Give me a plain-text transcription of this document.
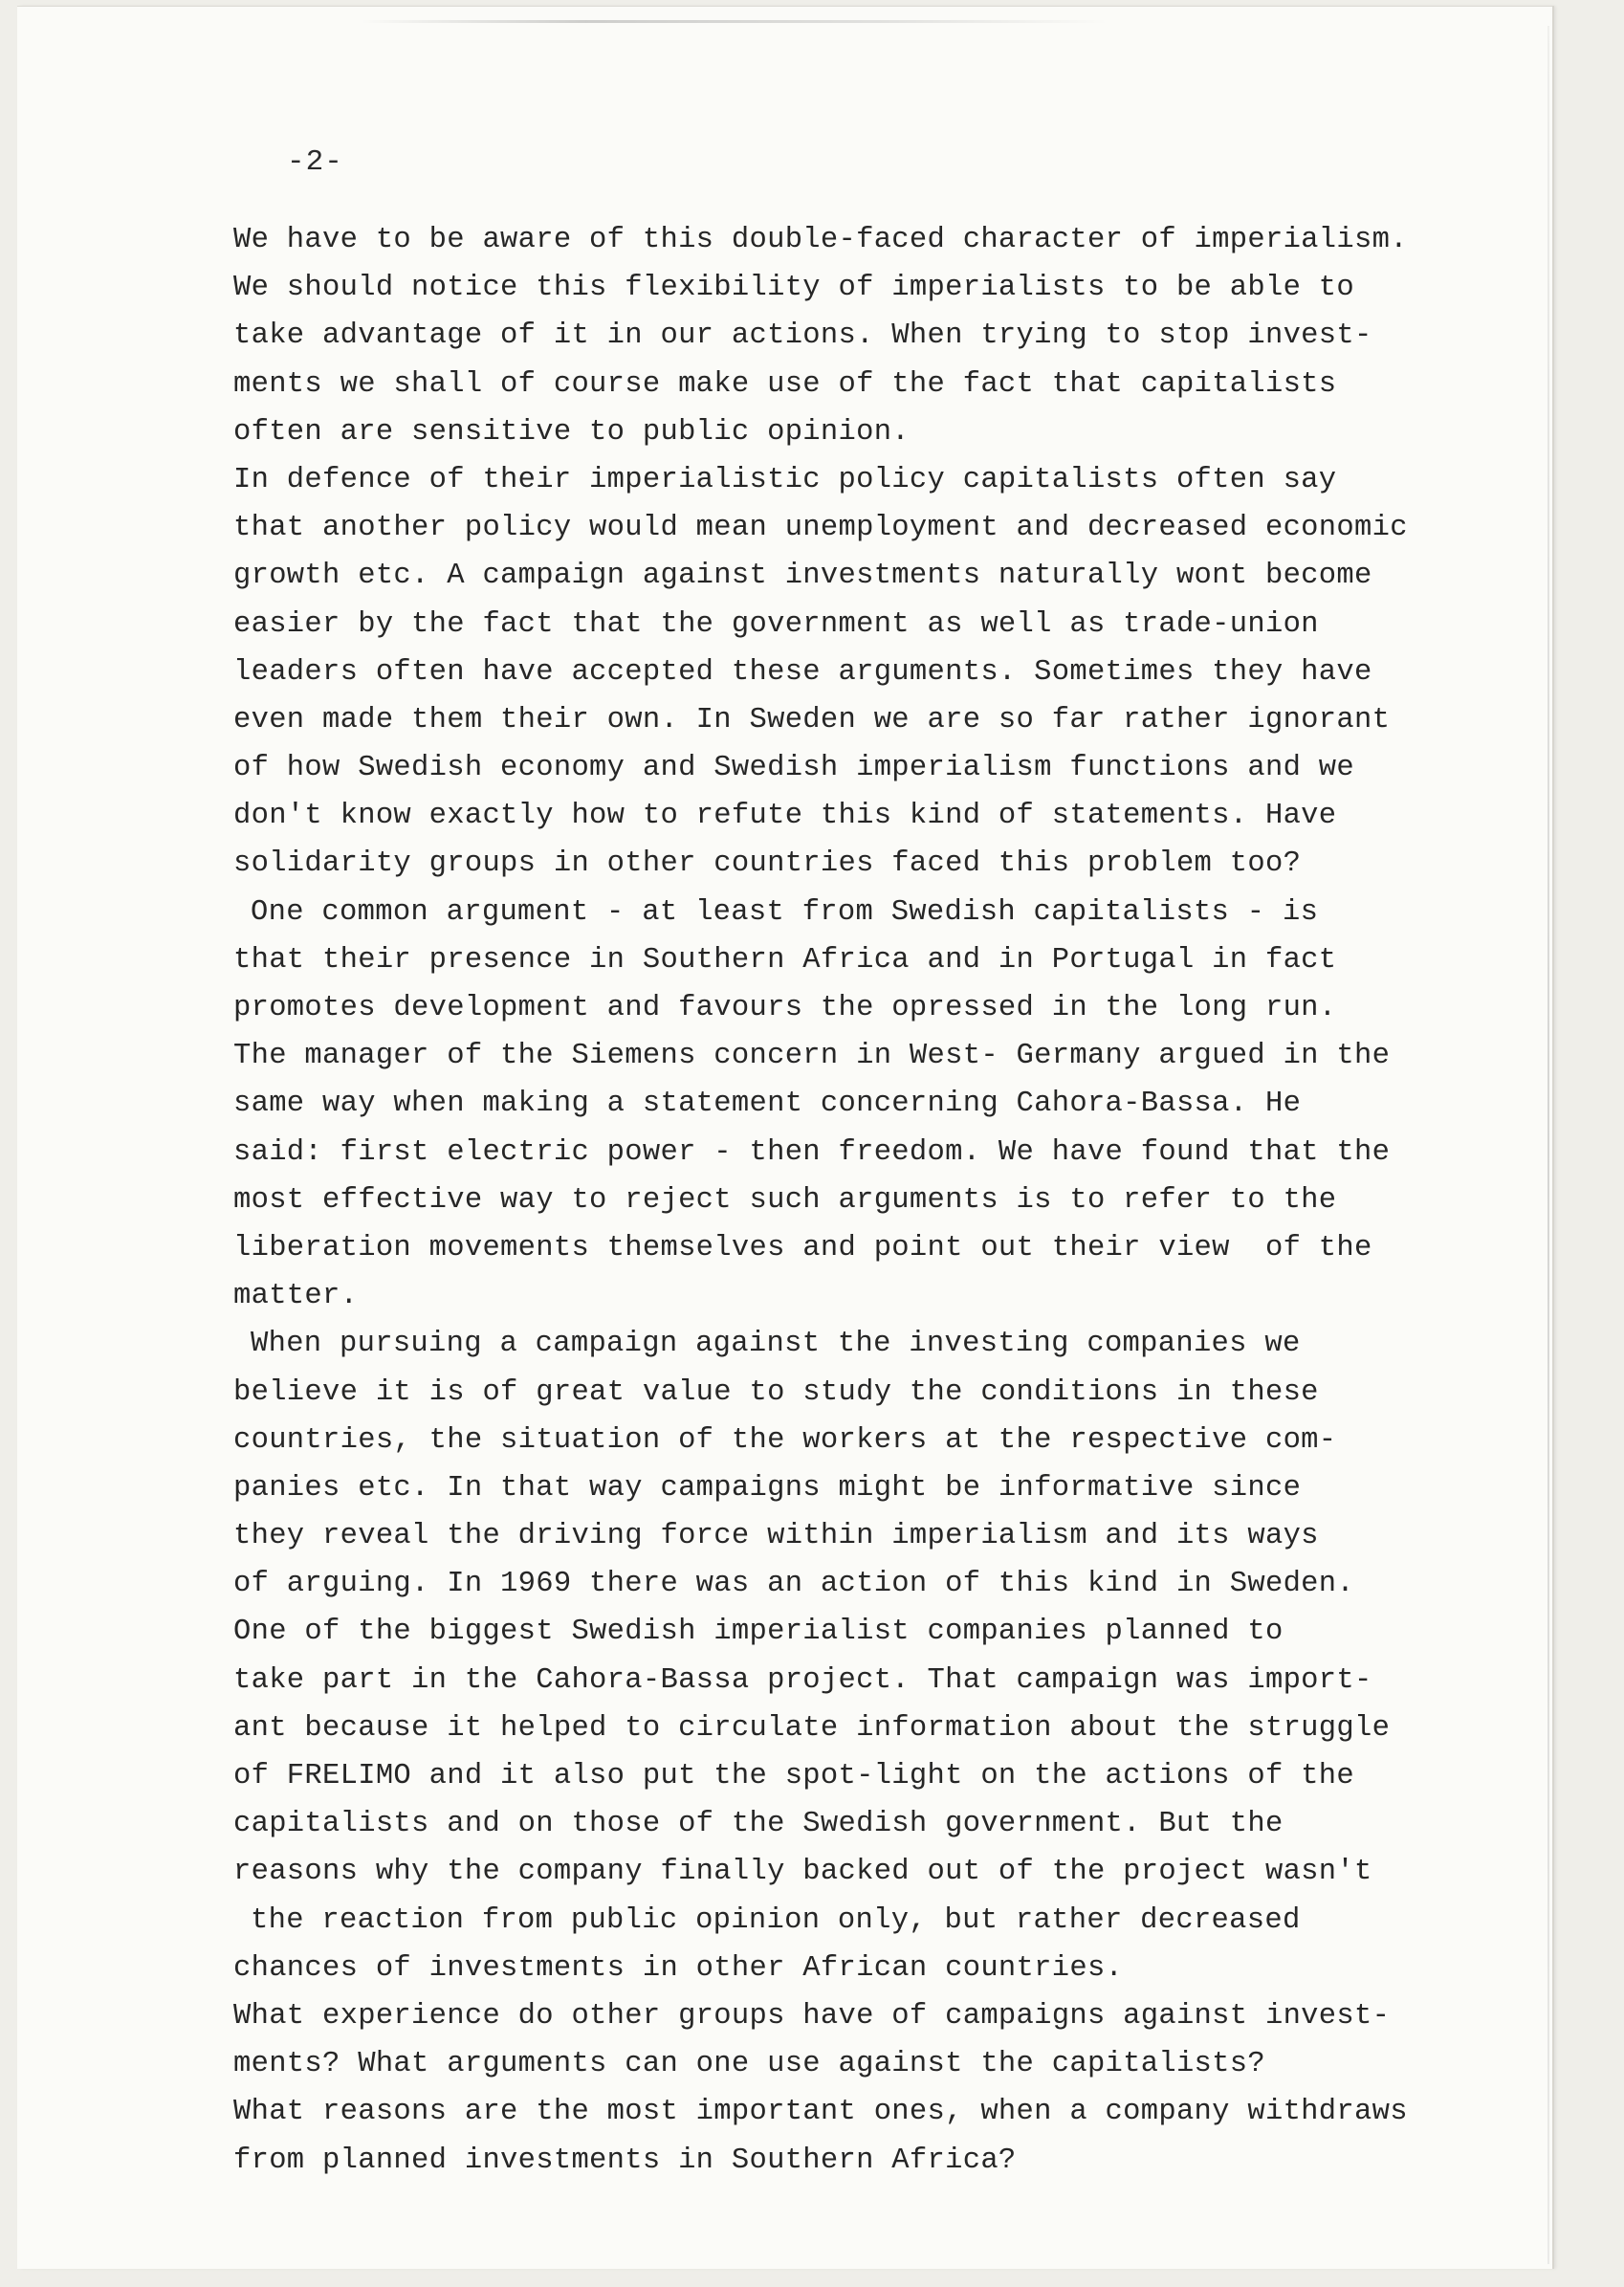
-2-
We have to be aware of this double-faced character of imperialism.
We should notice this flexibility of imperialists to be able to
take advantage of it in our actions. When trying to stop invest-
ments we shall of course make use of the fact that capitalists
often are sensitive to public opinion.
In defence of their imperialistic policy capitalists often say
that another policy would mean unemployment and decreased economic
growth etc. A campaign against investments naturally wont become
easier by the fact that the government as well as trade-union
leaders often have accepted these arguments. Sometimes they have
even made them their own. In Sweden we are so far rather ignorant
of how Swedish economy and Swedish imperialism functions and we
don't know exactly how to refute this kind of statements. Have
solidarity groups in other countries faced this problem too?
One common argument - at least from Swedish capitalists - is
that their presence in Southern Africa and in Portugal in fact
promotes development and favours the opressed in the long run.
The manager of the Siemens concern in West- Germany argued in the
same way when making a statement concerning Cahora-Bassa. He
said: first electric power - then freedom. We have found that the
most effective way to reject such arguments is to refer to the
liberation movements themselves and point out their view  of the
matter.
When pursuing a campaign against the investing companies we
believe it is of great value to study the conditions in these
countries, the situation of the workers at the respective com-
panies etc. In that way campaigns might be informative since
they reveal the driving force within imperialism and its ways
of arguing. In 1969 there was an action of this kind in Sweden.
One of the biggest Swedish imperialist companies planned to
take part in the Cahora-Bassa project. That campaign was import-
ant because it helped to circulate information about the struggle
of FRELIMO and it also put the spot-light on the actions of the
capitalists and on those of the Swedish government. But the
reasons why the company finally backed out of the project wasn't
the reaction from public opinion only, but rather decreased
chances of investments in other African countries.
What experience do other groups have of campaigns against invest-
ments? What arguments can one use against the capitalists?
What reasons are the most important ones, when a company withdraws
from planned investments in Southern Africa?
